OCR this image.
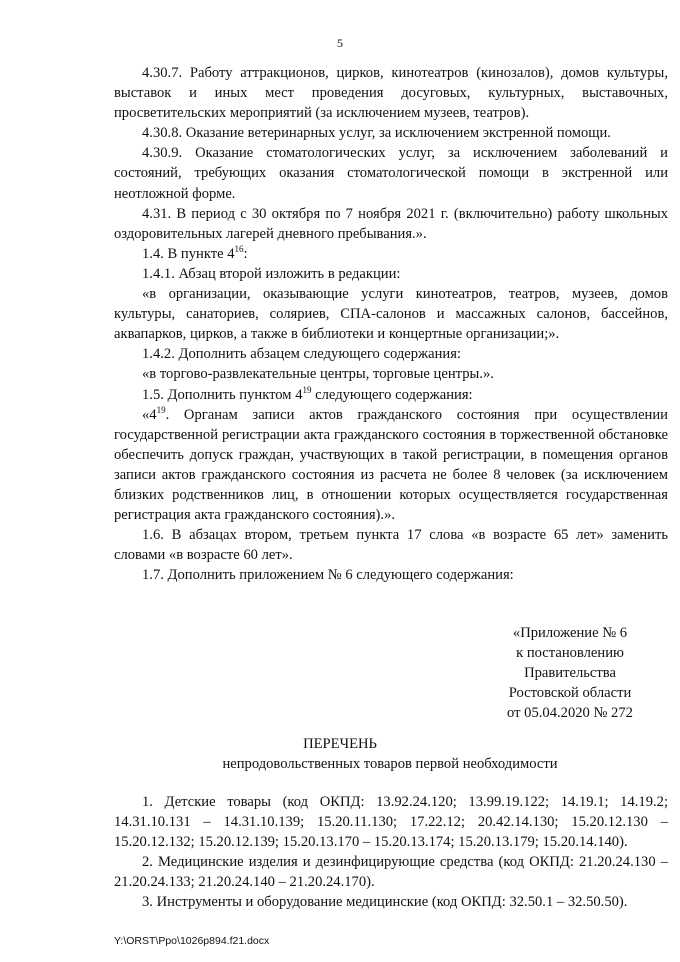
5

4.30.7. Работу аттракционов, цирков, кинотеатров (кинозалов), домов культуры, выставок и иных мест проведения досуговых, культурных, выставочных, просветительских мероприятий (за исключением музеев, театров).

4.30.8. Оказание ветеринарных услуг, за исключением экстренной помощи.

4.30.9. Оказание стоматологических услуг, за исключением заболеваний и состояний, требующих оказания стоматологической помощи в экстренной или неотложной форме.

4.31. В период с 30 октября по 7 ноября 2021 г. (включительно) работу школьных оздоровительных лагерей дневного пребывания.».

1.4. В пункте $4^{16}$:

1.4.1. Абзац второй изложить в редакции:

«в организации, оказывающие услуги кинотеатров, театров, музеев, домов культуры, санаториев, соляриев, СПА-салонов и массажных салонов, бассейнов, аквапарков, цирков, а также в библиотеки и концертные организации;».

1.4.2. Дополнить абзацем следующего содержания:

«в торгово-развлекательные центры, торговые центры.».

1.5. Дополнить пунктом $4^{19}$ следующего содержания:

«$4^{19}$. Органам записи актов гражданского состояния при осуществлении государственной регистрации акта гражданского состояния в торжественной обстановке обеспечить допуск граждан, участвующих в такой регистрации, в помещения органов записи актов гражданского состояния из расчета не более 8 человек (за исключением близких родственников лиц, в отношении которых осуществляется государственная регистрация акта гражданского состояния).».

1.6. В абзацах втором, третьем пункта 17 слова «в возрасте 65 лет» заменить словами «в возрасте 60 лет».

1.7. Дополнить приложением № 6 следующего содержания:

«Приложение № 6
к постановлению
Правительства
Ростовской области
от 05.04.2020 № 272
ПЕРЕЧЕНЬ
непродовольственных товаров первой необходимости

1. Детские товары (код ОКПД: 13.92.24.120; 13.99.19.122; 14.19.1; 14.19.2; 14.31.10.131 – 14.31.10.139; 15.20.11.130; 17.22.12; 20.42.14.130; 15.20.12.130 – 15.20.12.132; 15.20.12.139; 15.20.13.170 – 15.20.13.174; 15.20.13.179; 15.20.14.140).

2. Медицинские изделия и дезинфицирующие средства (код ОКПД: 21.20.24.130 – 21.20.24.133; 21.20.24.140 – 21.20.24.170).

3. Инструменты и оборудование медицинские (код ОКПД: 32.50.1 – 32.50.50).

Y:\ORST\Ppo\1026p894.f21.docx
